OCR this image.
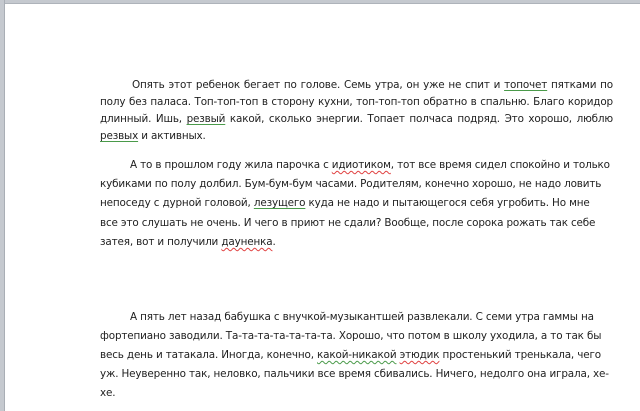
Опять этот ребенок бегает по голове. Семь утра, он уже не спит и топочет пятками по полу без паласа. Топ-топ-топ в сторону кухни, топ-топ-топ обратно в спальню. Благо коридор длинный. Ишь, резвый какой, сколько энергии. Топает полчаса подряд. Это хорошо, люблю резвых и активных.

А то в прошлом году жила парочка с идиотиком, тот все время сидел спокойно и только кубиками по полу долбил. Бум-бум-бум часами. Родителям, конечно хорошо, не надо ловить непоседу с дурной головой, лезущего куда не надо и пытающегося себя угробить. Но мне все это слушать не очень. И чего в приют не сдали? Вообще, после сорока рожать так себе затея, вот и получили дауненка.

А пять лет назад бабушка с внучкой-музыкантшей развлекали. С семи утра гаммы на фортепиано заводили. Та-та-та-та-та-та-та. Хорошо, что потом в школу уходила, а то так бы весь день и татакала. Иногда, конечно, какой-никакой этюдик простенький тренькала, чего уж. Неуверенно так, неловко, пальчики все время сбивались. Ничего, недолго она играла, хе-хе.
